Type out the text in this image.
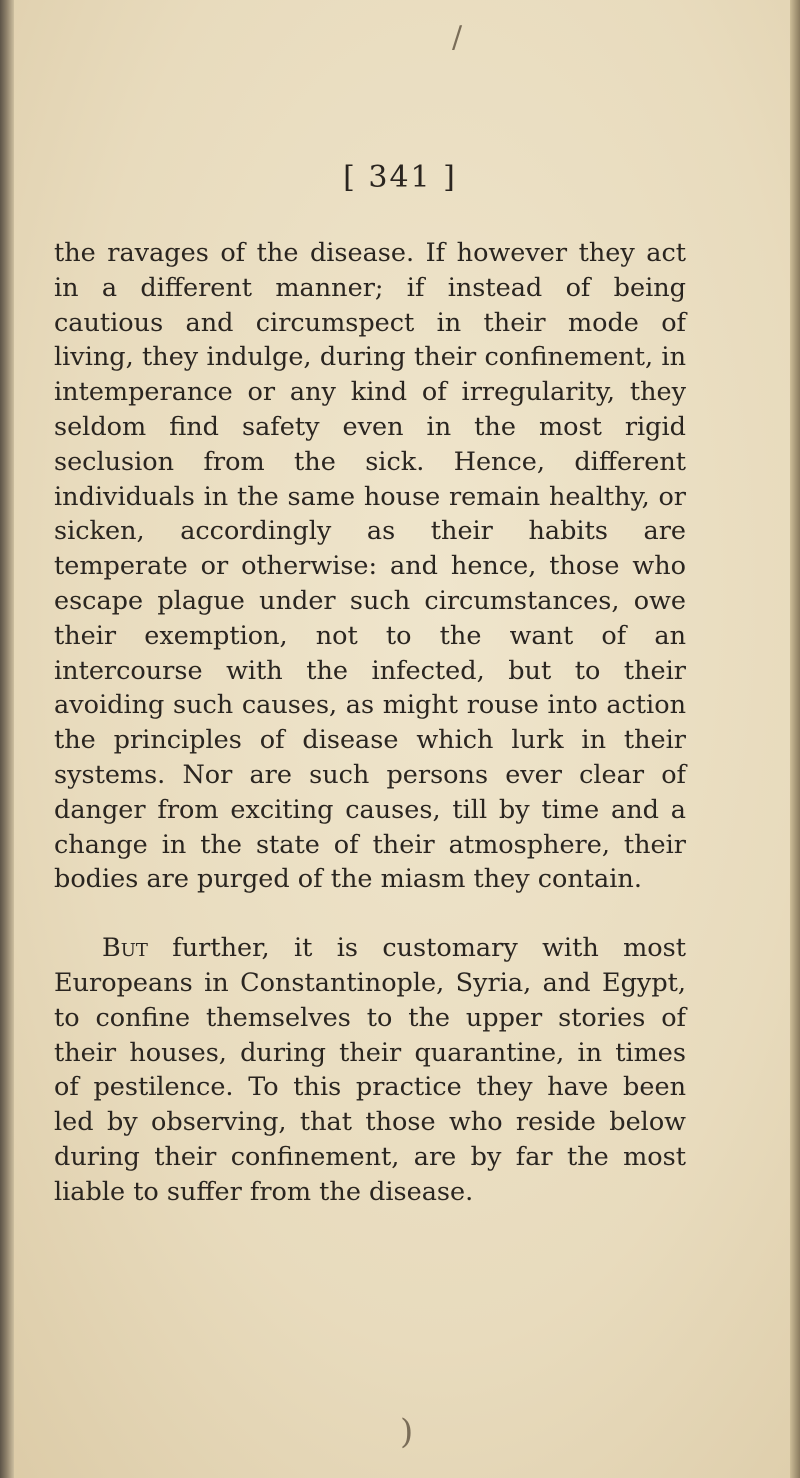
/
[ 341 ]

the ravages of the disease. If however they act in a different manner; if instead of being cautious and circumspect in their mode of living, they indulge, during their confinement, in intemperance or any kind of irregularity, they seldom find safety even in the most rigid seclusion from the sick. Hence, different individuals in the same house remain healthy, or sicken, accordingly as their habits are temperate or otherwise: and hence, those who escape plague under such circumstances, owe their exemption, not to the want of an intercourse with the infected, but to their avoiding such causes, as might rouse into action the principles of disease which lurk in their systems. Nor are such persons ever clear of danger from exciting causes, till by time and a change in the state of their atmosphere, their bodies are purged of the miasm they contain.

But further, it is customary with most Europeans in Constantinople, Syria, and Egypt, to confine themselves to the upper stories of their houses, during their quarantine, in times of pestilence. To this practice they have been led by observing, that those who reside below during their confinement, are by far the most liable to suffer from the disease.

)
